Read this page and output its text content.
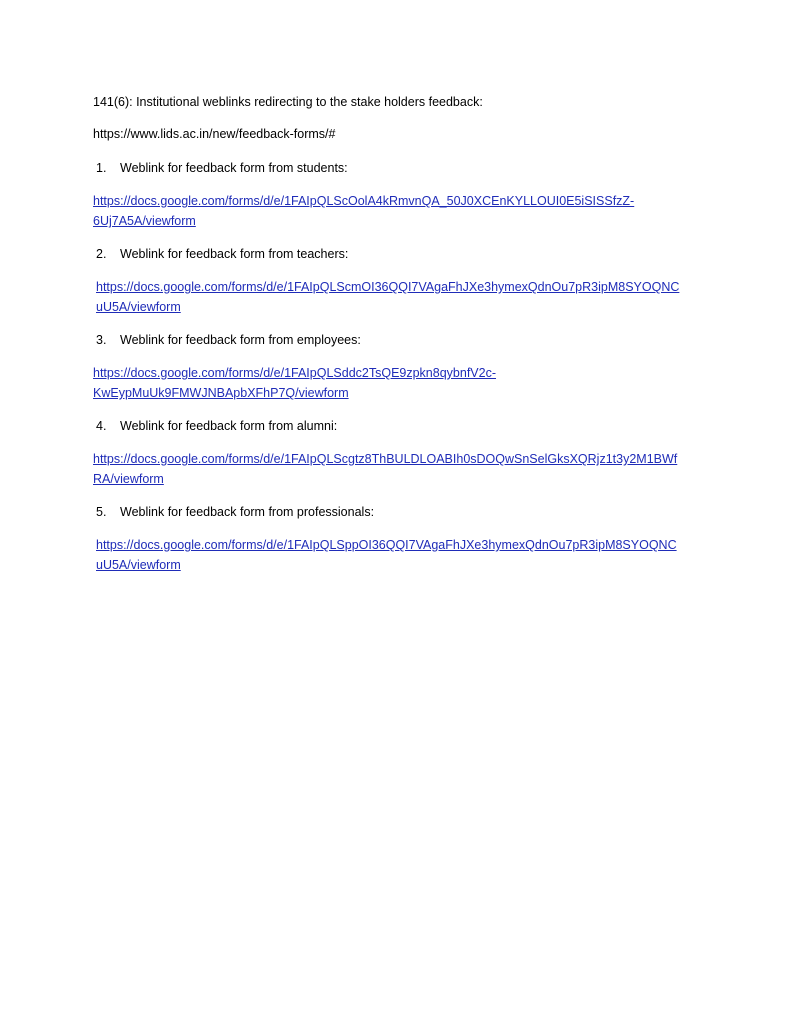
141(6): Institutional weblinks redirecting to the stake holders feedback:
https://www.lids.ac.in/new/feedback-forms/#
1. Weblink for feedback form from students:
https://docs.google.com/forms/d/e/1FAIpQLScOolA4kRmvnQA_50J0XCEnKYLLOUI0E5iSISSfzZ-
6Uj7A5A/viewform
2. Weblink for feedback form from teachers:
https://docs.google.com/forms/d/e/1FAIpQLScmOI36QQI7VAgaFhJXe3hymexQdnOu7pR3ipM8SYOQNC
uU5A/viewform
3. Weblink for feedback form from employees:
https://docs.google.com/forms/d/e/1FAIpQLSddc2TsQE9zpkn8qybnfV2c-
KwEypMuUk9FMWJNBApbXFhP7Q/viewform
4. Weblink for feedback form from alumni:
https://docs.google.com/forms/d/e/1FAIpQLScgtz8ThBULDLOABIh0sDOQwSnSelGksXQRjz1t3y2M1BWf
RA/viewform
5. Weblink for feedback form from professionals:
https://docs.google.com/forms/d/e/1FAIpQLSppOI36QQI7VAgaFhJXe3hymexQdnOu7pR3ipM8SYOQNC
uU5A/viewform
